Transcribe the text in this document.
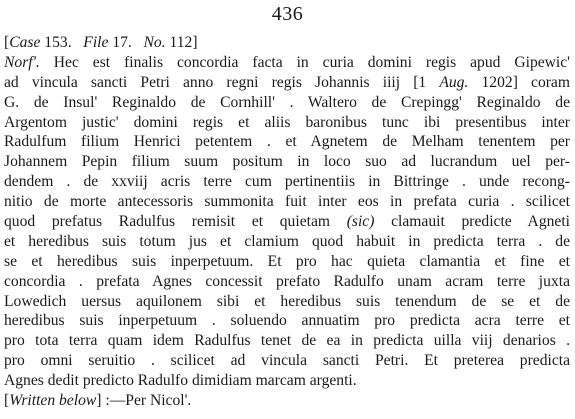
436
[Case 153. File 17. No. 112]
Norf'. Hec est finalis concordia facta in curia domini regis apud Gipewic'
ad vincula sancti Petri anno regni regis Johannis iiij [1 Aug. 1202] coram
G. de Insul' Reginaldo de Cornhill' . Waltero de Crepingg' Reginaldo de
Argentom justic' domini regis et aliis baronibus tunc ibi presentibus inter
Radulfum filium Henrici petentem . et Agnetem de Melham tenentem per
Johannem Pepin filium suum positum in loco suo ad lucrandum uel per-
dendem . de xxviij acris terre cum pertinentiis in Bittringe . unde recong-
nitio de morte antecessoris summonita fuit inter eos in prefata curia . scilicet
quod prefatus Radulfus remisit et quietam (sic) clamauit predicte Agneti
et heredibus suis totum jus et clamium quod habuit in predicta terra . de
se et heredibus suis inperpetuum. Et pro hac quieta clamantia et fine et
concordia . prefata Agnes concessit prefato Radulfo unam acram terre juxta
Lowedich uersus aquilonem sibi et heredibus suis tenendum de se et de
heredibus suis inperpetuum . soluendo annuatim pro predicta acra terre et
pro tota terra quam idem Radulfus tenet de ea in predicta uilla viij denarios .
pro omni seruitio . scilicet ad vincula sancti Petri. Et preterea predicta
Agnes dedit predicto Radulfo dimidiam marcam argenti.
[Written below] :—Per Nicol'.
